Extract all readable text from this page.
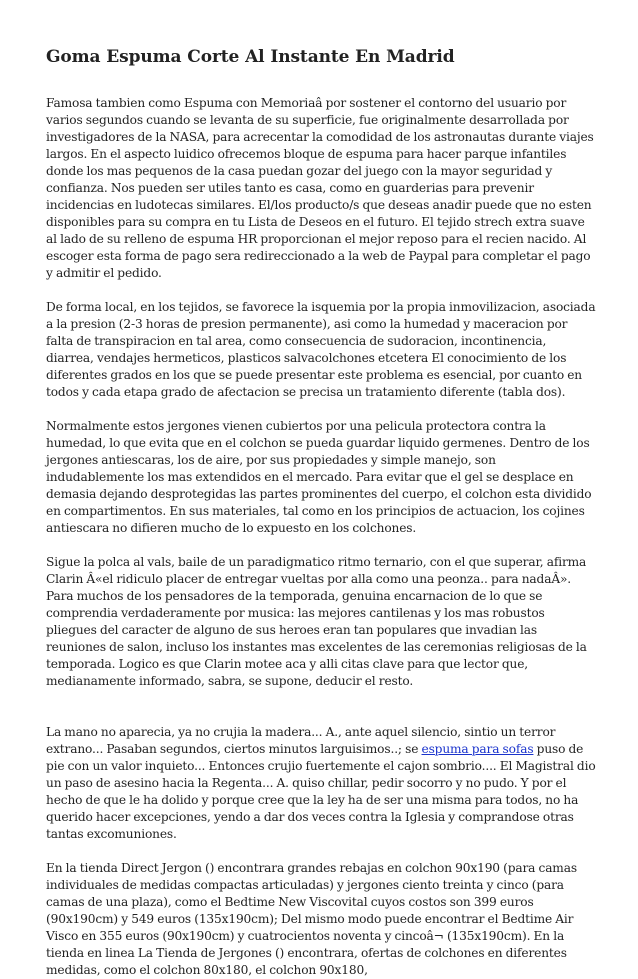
Goma Espuma Corte Al Instante En Madrid

Famosa tambien como Espuma con Memoriaâ por sostener el contorno del usuario por varios segundos cuando se levanta de su superficie, fue originalmente desarrollada por investigadores de la NASA, para acrecentar la comodidad de los astronautas durante viajes largos. En el aspecto luidico ofrecemos bloque de espuma para hacer parque infantiles donde los mas pequenos de la casa puedan gozar del juego con la mayor seguridad y confianza. Nos pueden ser utiles tanto es casa, como en guarderias para prevenir incidencias en ludotecas similares. El/los producto/s que deseas anadir puede que no esten disponibles para su compra en tu Lista de Deseos en el futuro. El tejido strech extra suave al lado de su relleno de espuma HR proporcionan el mejor reposo para el recien nacido. Al escoger esta forma de pago sera redireccionado a la web de Paypal para completar el pago y admitir el pedido.

De forma local, en los tejidos, se favorece la isquemia por la propia inmovilizacion, asociada a la presion (2-3 horas de presion permanente), asi como la humedad y maceracion por falta de transpiracion en tal area, como consecuencia de sudoracion, incontinencia, diarrea, vendajes hermeticos, plasticos salvacolchones etcetera El conocimiento de los diferentes grados en los que se puede presentar este problema es esencial, por cuanto en todos y cada etapa grado de afectacion se precisa un tratamiento diferente (tabla dos).

Normalmente estos jergones vienen cubiertos por una pelicula protectora contra la humedad, lo que evita que en el colchon se pueda guardar liquido germenes. Dentro de los jergones antiescaras, los de aire, por sus propiedades y simple manejo, son indudablemente los mas extendidos en el mercado. Para evitar que el gel se desplace en demasia dejando desprotegidas las partes prominentes del cuerpo, el colchon esta dividido en compartimentos. En sus materiales, tal como en los principios de actuacion, los cojines antiescara no difieren mucho de lo expuesto en los colchones.

Sigue la polca al vals, baile de un paradigmatico ritmo ternario, con el que superar, afirma Clarin Â«el ridiculo placer de entregar vueltas por alla como una peonza.. para nadaÂ». Para muchos de los pensadores de la temporada, genuina encarnacion de lo que se comprendia verdaderamente por musica: las mejores cantilenas y los mas robustos pliegues del caracter de alguno de sus heroes eran tan populares que invadian las reuniones de salon, incluso los instantes mas excelentes de las ceremonias religiosas de la temporada. Logico es que Clarin motee aca y alli citas clave para que lector que, medianamente informado, sabra, se supone, deducir el resto.

La mano no aparecia, ya no crujia la madera... A., ante aquel silencio, sintio un terror extrano... Pasaban segundos, ciertos minutos larguisimos..; se espuma para sofas puso de pie con un valor inquieto... Entonces crujio fuertemente el cajon sombrio.... El Magistral dio un paso de asesino hacia la Regenta... A. quiso chillar, pedir socorro y no pudo. Y por el hecho de que le ha dolido y porque cree que la ley ha de ser una misma para todos, no ha querido hacer excepciones, yendo a dar dos veces contra la Iglesia y comprandose otras tantas excomuniones.

En la tienda Direct Jergon () encontrara grandes rebajas en colchon 90x190 (para camas individuales de medidas compactas articuladas) y jergones ciento treinta y cinco (para camas de una plaza), como el Bedtime New Viscovital cuyos costos son 399 euros (90x190cm) y 549 euros (135x190cm); Del mismo modo puede encontrar el Bedtime Air Visco en 355 euros (90x190cm) y cuatrocientos noventa y cincoâ¬ (135x190cm). En la tienda en linea La Tienda de Jergones () encontrara, ofertas de colchones en diferentes medidas, como el colchon 80x180, el colchon 90x180,
